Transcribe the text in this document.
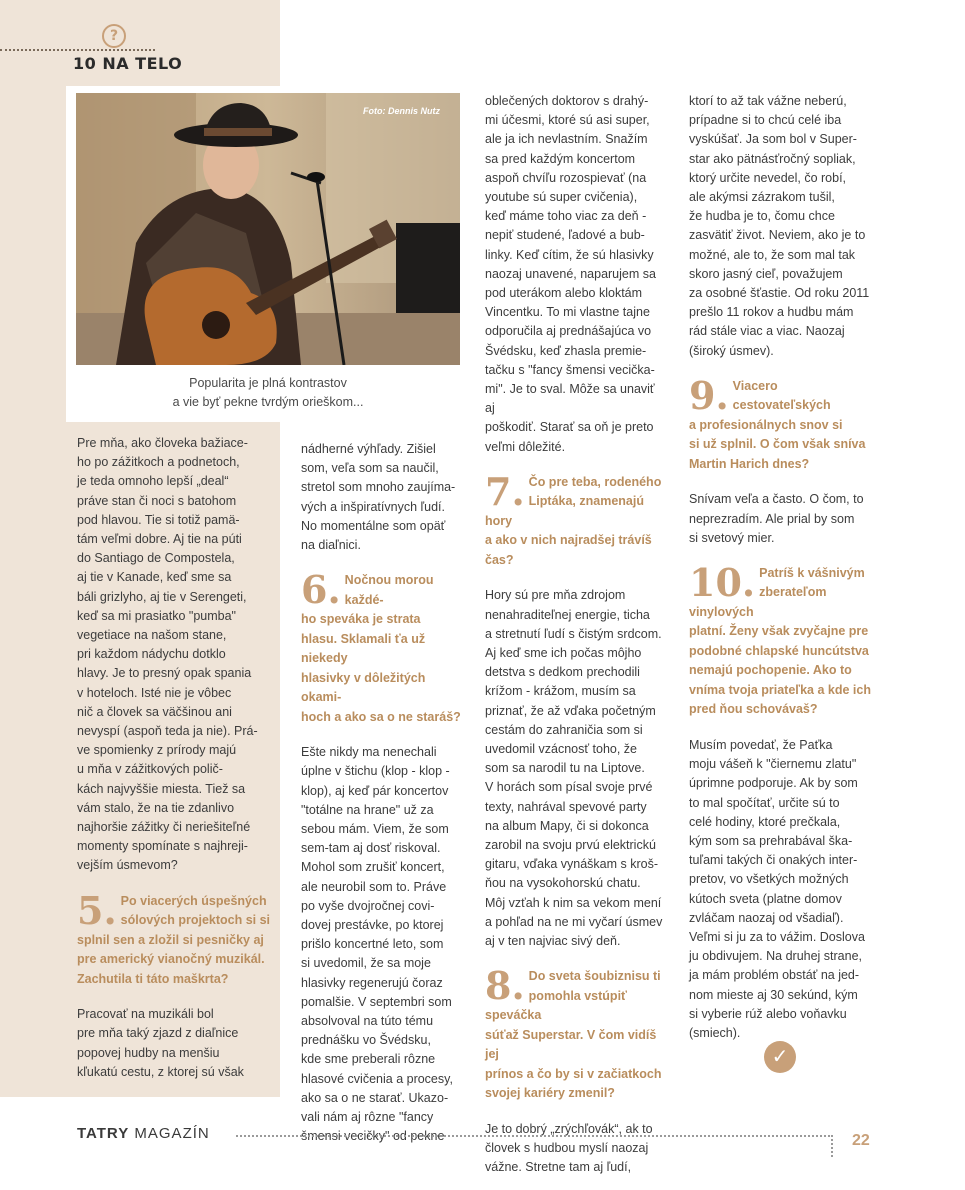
?
10 NA TELO
Foto: Dennis Nutz
Popularita je plná kontrastov
a vie byť pekne tvrdým orieškom...

Pre mňa, ako človeka bažiace-
ho po zážitkoch a podnetoch,
je teda omnoho lepší „deal“
práve stan či noci s batohom
pod hlavou. Tie si totiž pamä-
tám veľmi dobre. Aj tie na púti
do Santiago de Compostela,
aj tie v Kanade, keď sme sa
báli grizlyho, aj tie v Serengeti,
keď sa mi prasiatko "pumba"
vegetiace na našom stane,
pri každom nádychu dotklo
hlavy. Je to presný opak spania
v hoteloch. Isté nie je vôbec
nič a človek sa väčšinou ani
nevyspí (aspoň teda ja nie). Prá-
ve spomienky z prírody majú
u mňa v zážitkových polič-
kách najvyššie miesta. Tiež sa
vám stalo, že na tie zdanlivo
najhoršie zážitky či neriešiteľné
momenty spomínate s najhreji-
vejším úsmevom?

5. Po viacerých úspešných
sólových projektoch si si
splnil sen a zložil si pesničky aj
pre americký vianočný muzikál.
Zachutila ti táto maškrta?

Pracovať na muzikáli bol
pre mňa taký zjazd z diaľnice
popovej hudby na menšiu
kľukatú cestu, z ktorej sú však

nádherné výhľady. Zišiel
som, veľa som sa naučil,
stretol som mnoho zaujíma-
vých a inšpiratívnych ľudí.
No momentálne som opäť
na diaľnici.

6. Nočnou morou každé-
ho speváka je strata
hlasu. Sklamali ťa už niekedy
hlasivky v dôležitých okami-
hoch a ako sa o ne staráš?

Ešte nikdy ma nenechali
úplne v štichu (klop - klop -
klop), aj keď pár koncertov
"totálne na hrane" už za
sebou mám. Viem, že som
sem-tam aj dosť riskoval.
Mohol som zrušiť koncert,
ale neurobil som to. Práve
po vyše dvojročnej covi-
dovej prestávke, po ktorej
prišlo koncertné leto, som
si uvedomil, že sa moje
hlasivky regenerujú čoraz
pomalšie. V septembri som
absolvoval na túto tému
prednášku vo Švédsku,
kde sme preberali rôzne
hlasové cvičenia a procesy,
ako sa o ne starať. Ukazo-
vali nám aj rôzne "fancy
šmensi vecičky" od pekne

oblečených doktorov s drahý-
mi účesmi, ktoré sú asi super,
ale ja ich nevlastním. Snažím
sa pred každým koncertom
aspoň chvíľu rozospievať (na
youtube sú super cvičenia),
keď máme toho viac za deň -
nepiť studené, ľadové a bub-
linky. Keď cítim, že sú hlasivky
naozaj unavené, naparujem sa
pod uterákom alebo kloktám
Vincentku. To mi vlastne tajne
odporučila aj prednášajúca vo
Švédsku, keď zhasla premie-
tačku s "fancy šmensi vecička-
mi". Je to sval. Môže sa unaviť aj
poškodiť. Starať sa oň je preto
veľmi dôležité.

7. Čo pre teba, rodeného
Liptáka, znamenajú hory
a ako v nich najradšej trávíš
čas?

Hory sú pre mňa zdrojom
nenahraditeľnej energie, ticha
a stretnutí ľudí s čistým srdcom.
Aj keď sme ich počas môjho
detstva s dedkom prechodili
krížom - krážom, musím sa
priznať, že až vďaka početným
cestám do zahraničia som si
uvedomil vzácnosť toho, že
som sa narodil tu na Liptove.
V horách som písal svoje prvé
texty, nahrával spevové party
na album Mapy, či si dokonca
zarobil na svoju prvú elektrickú
gitaru, vďaka vynáškam s kroš-
ňou na vysokohorskú chatu.
Môj vzťah k nim sa vekom mení
a pohľad na ne mi vyčarí úsmev
aj v ten najviac sivý deň.

8. Do sveta šoubiznisu ti
pomohla vstúpiť speváčka
súťaž Superstar. V čom vidíš jej
prínos a čo by si v začiatkoch
svojej kariéry zmenil?

Je to dobrý „zrýchľovák“, ak to
človek s hudbou myslí naozaj
vážne. Stretne tam aj ľudí,

ktorí to až tak vážne neberú,
prípadne si to chcú celé iba
vyskúšať. Ja som bol v Super-
star ako pätnásťročný sopliak,
ktorý určite nevedel, čo robí,
ale akýmsi zázrakom tušil,
že hudba je to, čomu chce
zasvätiť život. Neviem, ako je to
možné, ale to, že som mal tak
skoro jasný cieľ, považujem
za osobné šťastie. Od roku 2011
prešlo 11 rokov a hudbu mám
rád stále viac a viac. Naozaj
(široký úsmev).

9. Viacero cestovateľských
a profesionálnych snov si
si už splnil. O čom však sníva
Martin Harich dnes?

Snívam veľa a často. O čom, to
neprezradím. Ale prial by som
si svetový mier.

10. Patríš k vášnivým
zberateľom vinylových
platní. Ženy však zvyčajne pre
podobné chlapské huncútstva
nemajú pochopenie. Ako to
vníma tvoja priateľka a kde ich
pred ňou schovávaš?

Musím povedať, že Paťka
moju vášeň k "čiernemu zlatu"
úprimne podporuje. Ak by som
to mal spočítať, určite sú to
celé hodiny, ktoré prečkala,
kým som sa prehrabával ška-
tuľami takých či onakých inter-
pretov, vo všetkých možných
kútoch sveta (platne domov
zvláčam naozaj od všadiaľ).
Veľmi si ju za to vážim. Doslova
ju obdivujem. Na druhej strane,
ja mám problém obstáť na jed-
nom mieste aj 30 sekúnd, kým
si vyberie rúž alebo voňavku
(smiech).

✓
TATRY MAGAZÍN	22
